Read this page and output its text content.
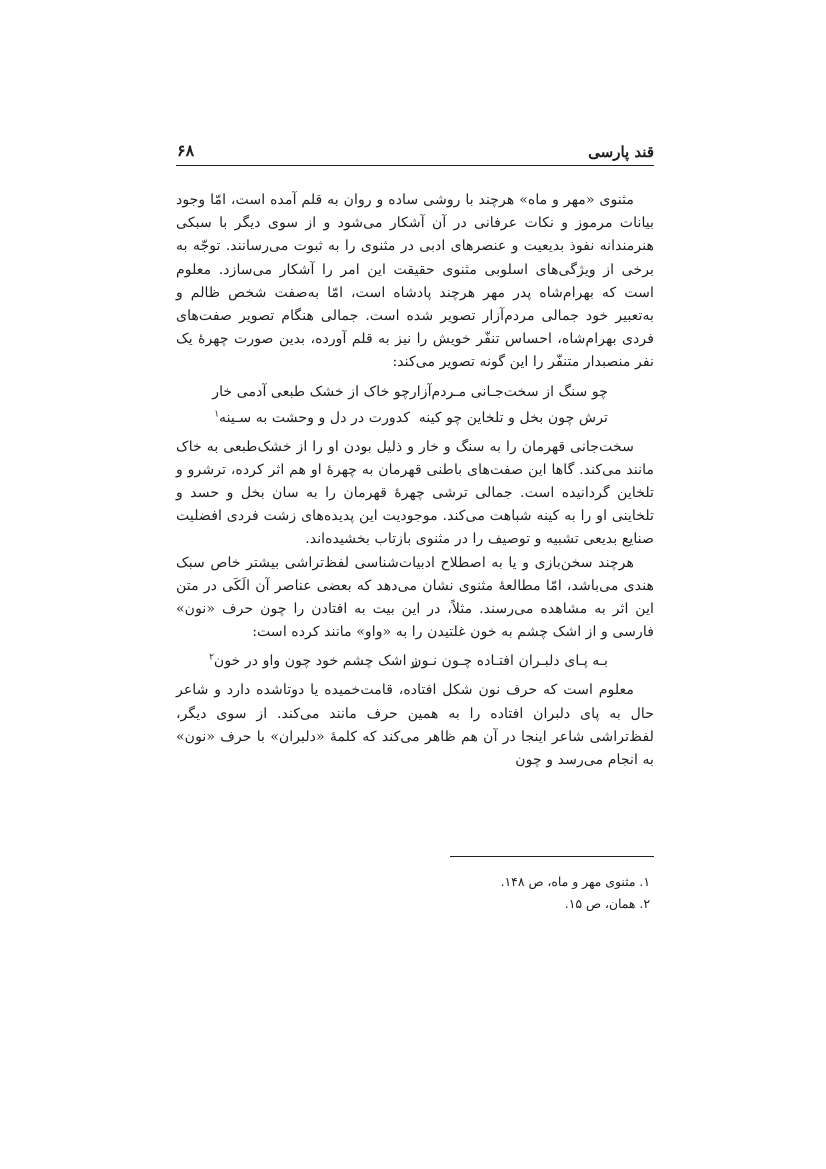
قند پارسی
۶۸

مثنوی «مهر و ماه» هرچند با روشی ساده و روان به قلم آمده است، امّا وجود بیانات مرموز و نکات عرفانی در آن آشکار می‌شود و از سوی دیگر با سبکی هنرمندانه نفوذ بدیعیت و عنصرهای ادبی در مثنوی را به ثبوت می‌رسانند. توجّه به برخی از ویژگی‌های اسلوبی مثنوی حقیقت این امر را آشکار می‌سازد. معلوم است که بهرام‌شاه پدر مهر هرچند پادشاه است، امّا به‌صفت شخص ظالم و به‌تعبیر خود جمالی مردم‌آزار تصویر شده است. جمالی هنگام تصویر صفت‌های فردی بهرام‌شاه، احساس تنفّر خویش را نیز به قلم آورده، بدین صورت چهرهٔ یک نفر منصبدار متنفّر را این گونه تصویر می‌کند:

چو سنگ از سخت‌جـانی مـردم‌آزار
چو خاک از خشک طبعی آدمی خار
ترش چون بخل و تلخاین چو کینه
کدورت در دل و وحشت به سـینه$^۱$

سخت‌جانی قهرمان را به سنگ و خار و ذلیل بودن او را از خشک‌طبعی به خاک مانند می‌کند. گاها این صفت‌های باطنی قهرمان به چهرهٔ او هم اثر کرده، ترشرو و تلخاین گردانیده است. جمالی ترشی چهرهٔ قهرمان را به سان بخل و حسد و تلخاینی او را به کینه شباهت می‌کند. موجودیت این پدیده‌های زشت فردی افضلیت صنایع بدیعی تشبیه و توصیف را در مثنوی بازتاب بخشیده‌اند.

هرچند سخن‌بازی و یا به اصطلاح ادبیات‌شناسی لفظ‌تراشی بیشتر خاص سبک هندی می‌باشد، امّا مطالعهٔ مثنوی نشان می‌دهد که بعضی عناصر آن الَکَی در متن این اثر به مشاهده می‌رسند. مثلاً، در این بیت به افتادن را چون حرف «نون» فارسی و از اشک چشم به خون غلتیدن را به «واو» مانند کرده است:

بـه پـای دلبـران افتـاده چـون نـون
ز اشک چشم خود چون واو در خون$^۲$

معلوم است که حرف نون شکل افتاده، قامت‌خمیده یا دوتاشده دارد و شاعر حال به پای دلبران افتاده را به همین حرف مانند می‌کند. از سوی دیگر، لفظ‌تراشی شاعر اینجا در آن هم ظاهر می‌کند که کلمهٔ «دلبران» با حرف «نون» به انجام می‌رسد و چون

۱. مثنوی مهر و ماه، ص ۱۴۸.
۲. همان، ص ۱۵.
